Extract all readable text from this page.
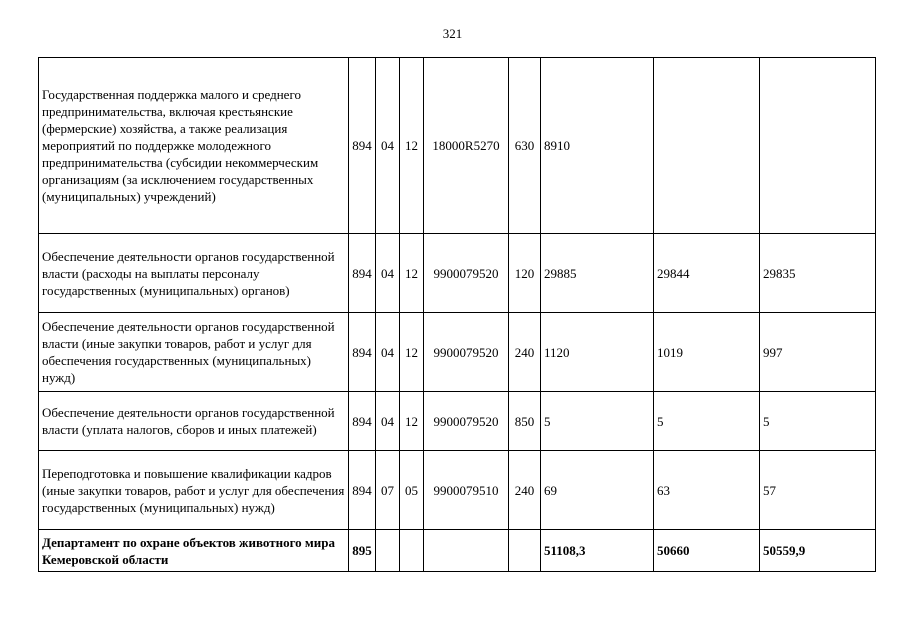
321
Государственная поддержка малого и среднего предпринимательства, включая крестьянские (фермерские) хозяйства, а также реализация мероприятий по поддержке молодежного предпринимательства (субсидии некоммерческим организациям (за исключением государственных (муниципальных) учреждений)	894	04	12	18000R5270	630	8910		
Обеспечение деятельности органов государственной власти (расходы на выплаты персоналу государственных (муниципальных) органов)	894	04	12	9900079520	120	29885	29844	29835
Обеспечение деятельности органов государственной власти (иные закупки товаров, работ и услуг для обеспечения государственных (муниципальных) нужд)	894	04	12	9900079520	240	1120	1019	997
Обеспечение деятельности органов государственной власти (уплата налогов, сборов и иных платежей)	894	04	12	9900079520	850	5	5	5
Переподготовка и повышение квалификации кадров (иные закупки товаров, работ и услуг для обеспечения государственных (муниципальных) нужд)	894	07	05	9900079510	240	69	63	57
Департамент по охране объектов животного мира Кемеровской области	895					51108,3	50660	50559,9
